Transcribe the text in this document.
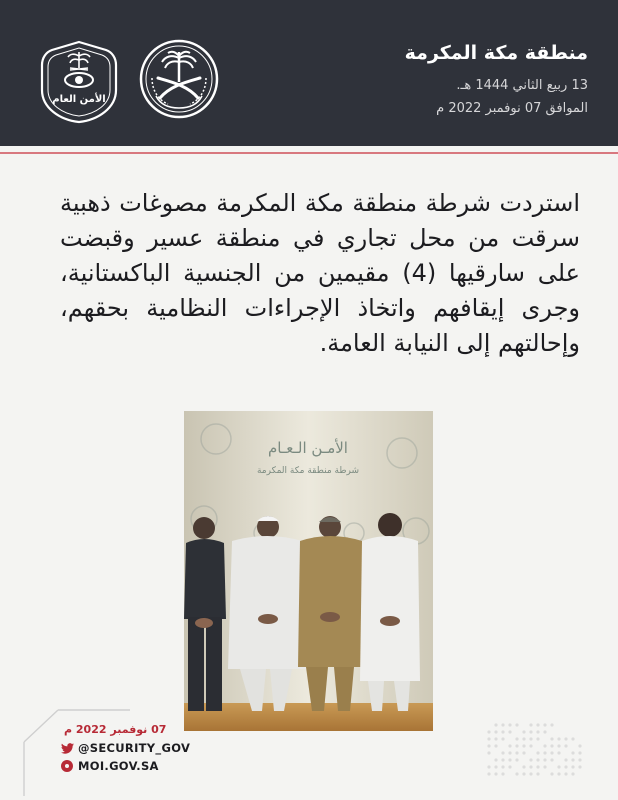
الأمن العام
منطقة مكة المكرمة
13 ربيع الثاني 1444 هـ.
الموافق 07 نوفمبر 2022 م
استردت شرطة منطقة مكة المكرمة مصوغات ذهبية سرقت من محل تجاري في منطقة عسير وقبضت على سارقيها (4) مقيمين من الجنسية الباكستانية، وجرى إيقافهم واتخاذ الإجراءات النظامية بحقهم، وإحالتهم إلى النيابة العامة.
الأمـن الـعـام
شرطة منطقة مكة المكرمة
07 نوفمبر 2022 م
@SECURITY_GOV
MOI.GOV.SA
